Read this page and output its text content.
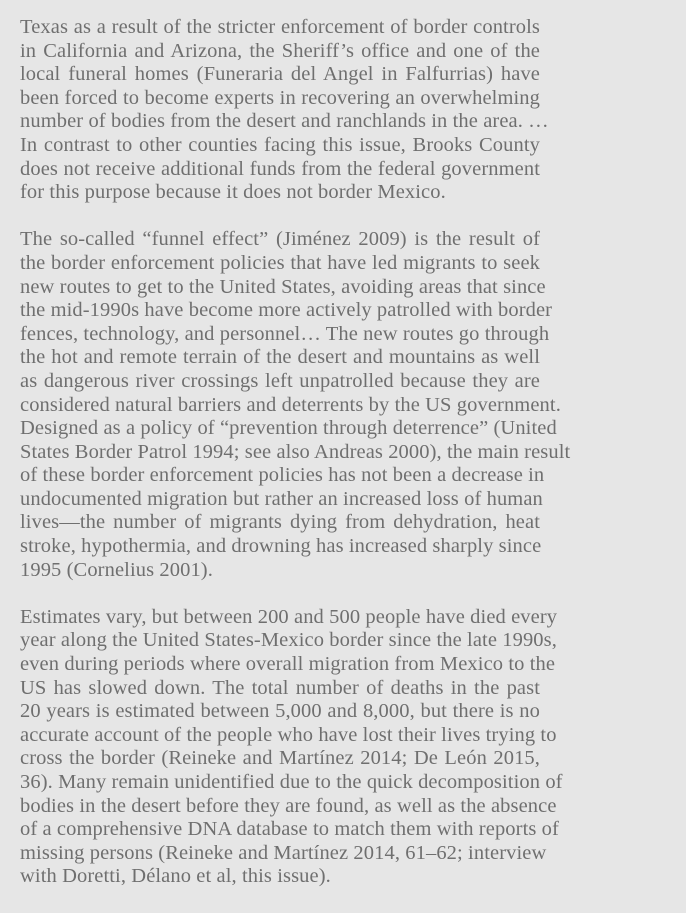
Texas as a result of the stricter enforcement of border controls
in California and Arizona, the Sheriff’s office and one of the
local funeral homes (Funeraria del Angel in Falfurrias) have
been forced to become experts in recovering an overwhelming
number of bodies from the desert and ranchlands in the area. …
In contrast to other counties facing this issue, Brooks County
does not receive additional funds from the federal government
for this purpose because it does not border Mexico.
The so-called “funnel effect” (Jiménez 2009) is the result of
the border enforcement policies that have led migrants to seek
new routes to get to the United States, avoiding areas that since
the mid-1990s have become more actively patrolled with border
fences, technology, and personnel… The new routes go through
the hot and remote terrain of the desert and mountains as well
as dangerous river crossings left unpatrolled because they are
considered natural barriers and deterrents by the US government.
Designed as a policy of “prevention through deterrence” (United
States Border Patrol 1994; see also Andreas 2000), the main result
of these border enforcement policies has not been a decrease in
undocumented migration but rather an increased loss of human
lives—the number of migrants dying from dehydration, heat
stroke, hypothermia, and drowning has increased sharply since
1995 (Cornelius 2001).
Estimates vary, but between 200 and 500 people have died every
year along the United States-Mexico border since the late 1990s,
even during periods where overall migration from Mexico to the
US has slowed down. The total number of deaths in the past
20 years is estimated between 5,000 and 8,000, but there is no
accurate account of the people who have lost their lives trying to
cross the border (Reineke and Martínez 2014; De León 2015,
36). Many remain unidentified due to the quick decomposition of
bodies in the desert before they are found, as well as the absence
of a comprehensive DNA database to match them with reports of
missing persons (Reineke and Martínez 2014, 61–62; interview
with Doretti, Délano et al, this issue).
